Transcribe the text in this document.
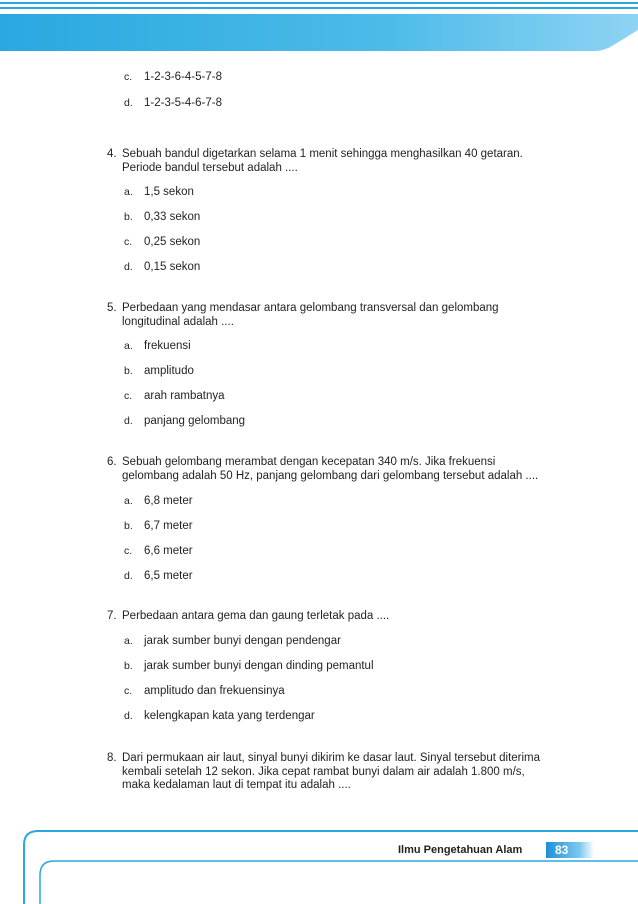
c. 1-2-3-6-4-5-7-8
d. 1-2-3-5-4-6-7-8
4. Sebuah bandul digetarkan selama 1 menit sehingga menghasilkan 40 getaran.
Periode bandul tersebut adalah ....
a. 1,5 sekon
b. 0,33 sekon
c. 0,25 sekon
d. 0,15 sekon
5. Perbedaan yang mendasar antara gelombang transversal dan gelombang
longitudinal adalah ....
a. frekuensi
b. amplitudo
c. arah rambatnya
d. panjang gelombang
6. Sebuah gelombang merambat dengan kecepatan 340 m/s. Jika frekuensi
gelombang adalah 50 Hz, panjang gelombang dari gelombang tersebut adalah ....
a. 6,8 meter
b. 6,7 meter
c. 6,6 meter
d. 6,5 meter
7. Perbedaan antara gema dan gaung terletak pada ....
a. jarak sumber bunyi dengan pendengar
b. jarak sumber bunyi dengan dinding pemantul
c. amplitudo dan frekuensinya
d. kelengkapan kata yang terdengar
8. Dari permukaan air laut, sinyal bunyi dikirim ke dasar laut. Sinyal tersebut diterima
kembali setelah 12 sekon. Jika cepat rambat bunyi dalam air adalah 1.800 m/s,
maka kedalaman laut di tempat itu adalah ....
Ilmu Pengetahuan Alam	83
